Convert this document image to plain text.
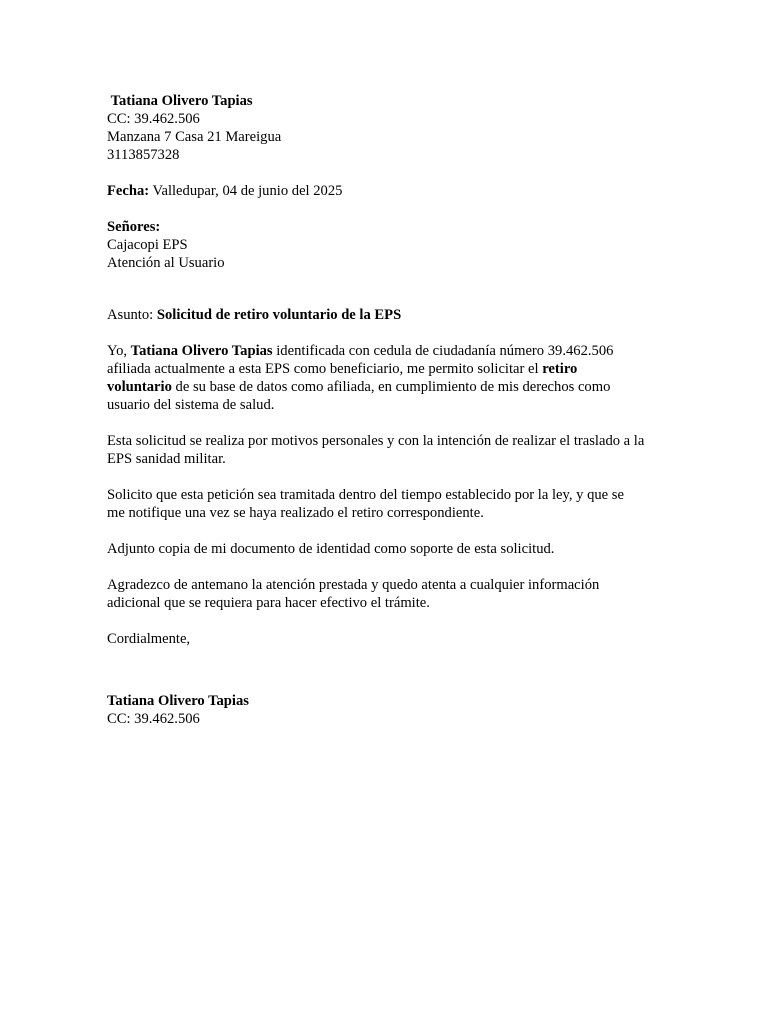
Tatiana Olivero Tapias
CC: 39.462.506
Manzana 7 Casa 21 Mareigua
3113857328
Fecha: Valledupar, 04 de junio del 2025
Señores:
Cajacopi EPS
Atención al Usuario
Asunto: Solicitud de retiro voluntario de la EPS
Yo, Tatiana Olivero Tapias identificada con cedula de ciudadanía número 39.462.506
afiliada actualmente a esta EPS como beneficiario, me permito solicitar el retiro
voluntario de su base de datos como afiliada, en cumplimiento de mis derechos como
usuario del sistema de salud.
Esta solicitud se realiza por motivos personales y con la intención de realizar el traslado a la
EPS sanidad militar.
Solicito que esta petición sea tramitada dentro del tiempo establecido por la ley, y que se
me notifique una vez se haya realizado el retiro correspondiente.
Adjunto copia de mi documento de identidad como soporte de esta solicitud.
Agradezco de antemano la atención prestada y quedo atenta a cualquier información
adicional que se requiera para hacer efectivo el trámite.
Cordialmente,
Tatiana Olivero Tapias
CC: 39.462.506
